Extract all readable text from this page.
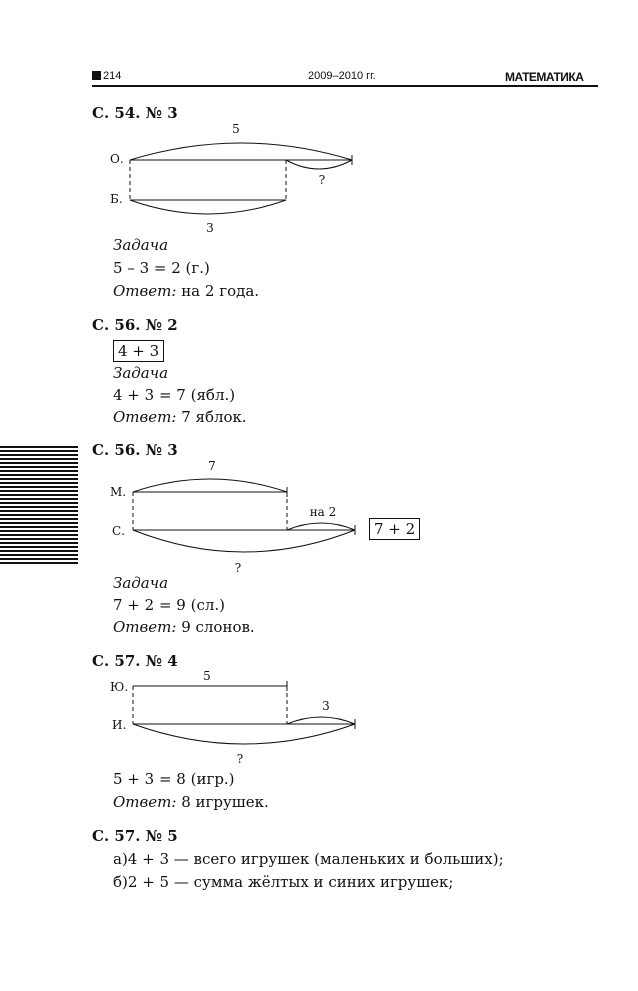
214	2009–2010 гг.	МАТЕМАТИКА
5
?
3
О.
Б.
7
на 2
?
М.
С.
5
3
?
Ю.
И.
С. 54. № 3
Задача
5 – 3 = 2 (г.)
Ответ: на 2 года.
С. 56. № 2
4 + 3
Задача
4 + 3 = 7 (ябл.)
Ответ: 7 яблок.
С. 56. № 3
7 + 2
Задача
7 + 2 = 9 (сл.)
Ответ: 9 слонов.
С. 57. № 4
5 + 3 = 8 (игр.)
Ответ: 8 игрушек.
С. 57. № 5
а)4 + 3 — всего игрушек (маленьких и больших);
б)2 + 5 — сумма жёлтых и синих игрушек;
